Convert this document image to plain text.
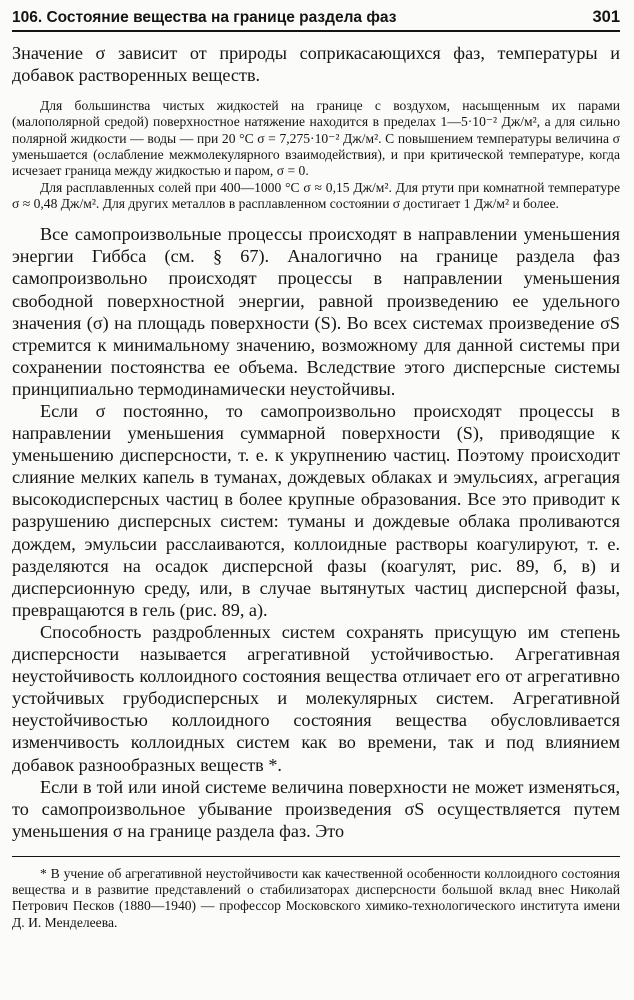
106. Состояние вещества на границе раздела фаз	301

Значение σ зависит от природы соприкасающихся фаз, температуры и добавок растворенных веществ.

Для большинства чистых жидкостей на границе с воздухом, насыщенным их парами (малополярной средой) поверхностное натяжение находится в пределах 1—5·10⁻² Дж/м², а для сильно полярной жидкости — воды — при 20 °С σ = 7,275·10⁻² Дж/м². С повышением температуры величина σ уменьшается (ослабление межмолекулярного взаимодействия), и при критической температуре, когда исчезает граница между жидкостью и паром, σ = 0.

Для расплавленных солей при 400—1000 °С σ ≈ 0,15 Дж/м². Для ртути при комнатной температуре σ ≈ 0,48 Дж/м². Для других металлов в расплавленном состоянии σ достигает 1 Дж/м² и более.

Все самопроизвольные процессы происходят в направлении уменьшения энергии Гиббса (см. § 67). Аналогично на границе раздела фаз самопроизвольно происходят процессы в направлении уменьшения свободной поверхностной энергии, равной произведению ее удельного значения (σ) на площадь поверхности (S). Во всех системах произведение σS стремится к минимальному значению, возможному для данной системы при сохранении постоянства ее объема. Вследствие этого дисперсные системы принципиально термодинамически неустойчивы.

Если σ постоянно, то самопроизвольно происходят процессы в направлении уменьшения суммарной поверхности (S), приводящие к уменьшению дисперсности, т. е. к укрупнению частиц. Поэтому происходит слияние мелких капель в туманах, дождевых облаках и эмульсиях, агрегация высокодисперсных частиц в более крупные образования. Все это приводит к разрушению дисперсных систем: туманы и дождевые облака проливаются дождем, эмульсии расслаиваются, коллоидные растворы коагулируют, т. е. разделяются на осадок дисперсной фазы (коагулят, рис. 89, б, в) и дисперсионную среду, или, в случае вытянутых частиц дисперсной фазы, превращаются в гель (рис. 89, а).

Способность раздробленных систем сохранять присущую им степень дисперсности называется агрегативной устойчивостью. Агрегативная неустойчивость коллоидного состояния вещества отличает его от агрегативно устойчивых грубодисперсных и молекулярных систем. Агрегативной неустойчивостью коллоидного состояния вещества обусловливается изменчивость коллоидных систем как во времени, так и под влиянием добавок разнообразных веществ *.

Если в той или иной системе величина поверхности не может изменяться, то самопроизвольное убывание произведения σS осуществляется путем уменьшения σ на границе раздела фаз. Это

* В учение об агрегативной неустойчивости как качественной особенности коллоидного состояния вещества и в развитие представлений о стабилизаторах дисперсности большой вклад внес Николай Петрович Песков (1880—1940) — профессор Московского химико-технологического института имени Д. И. Менделеева.
